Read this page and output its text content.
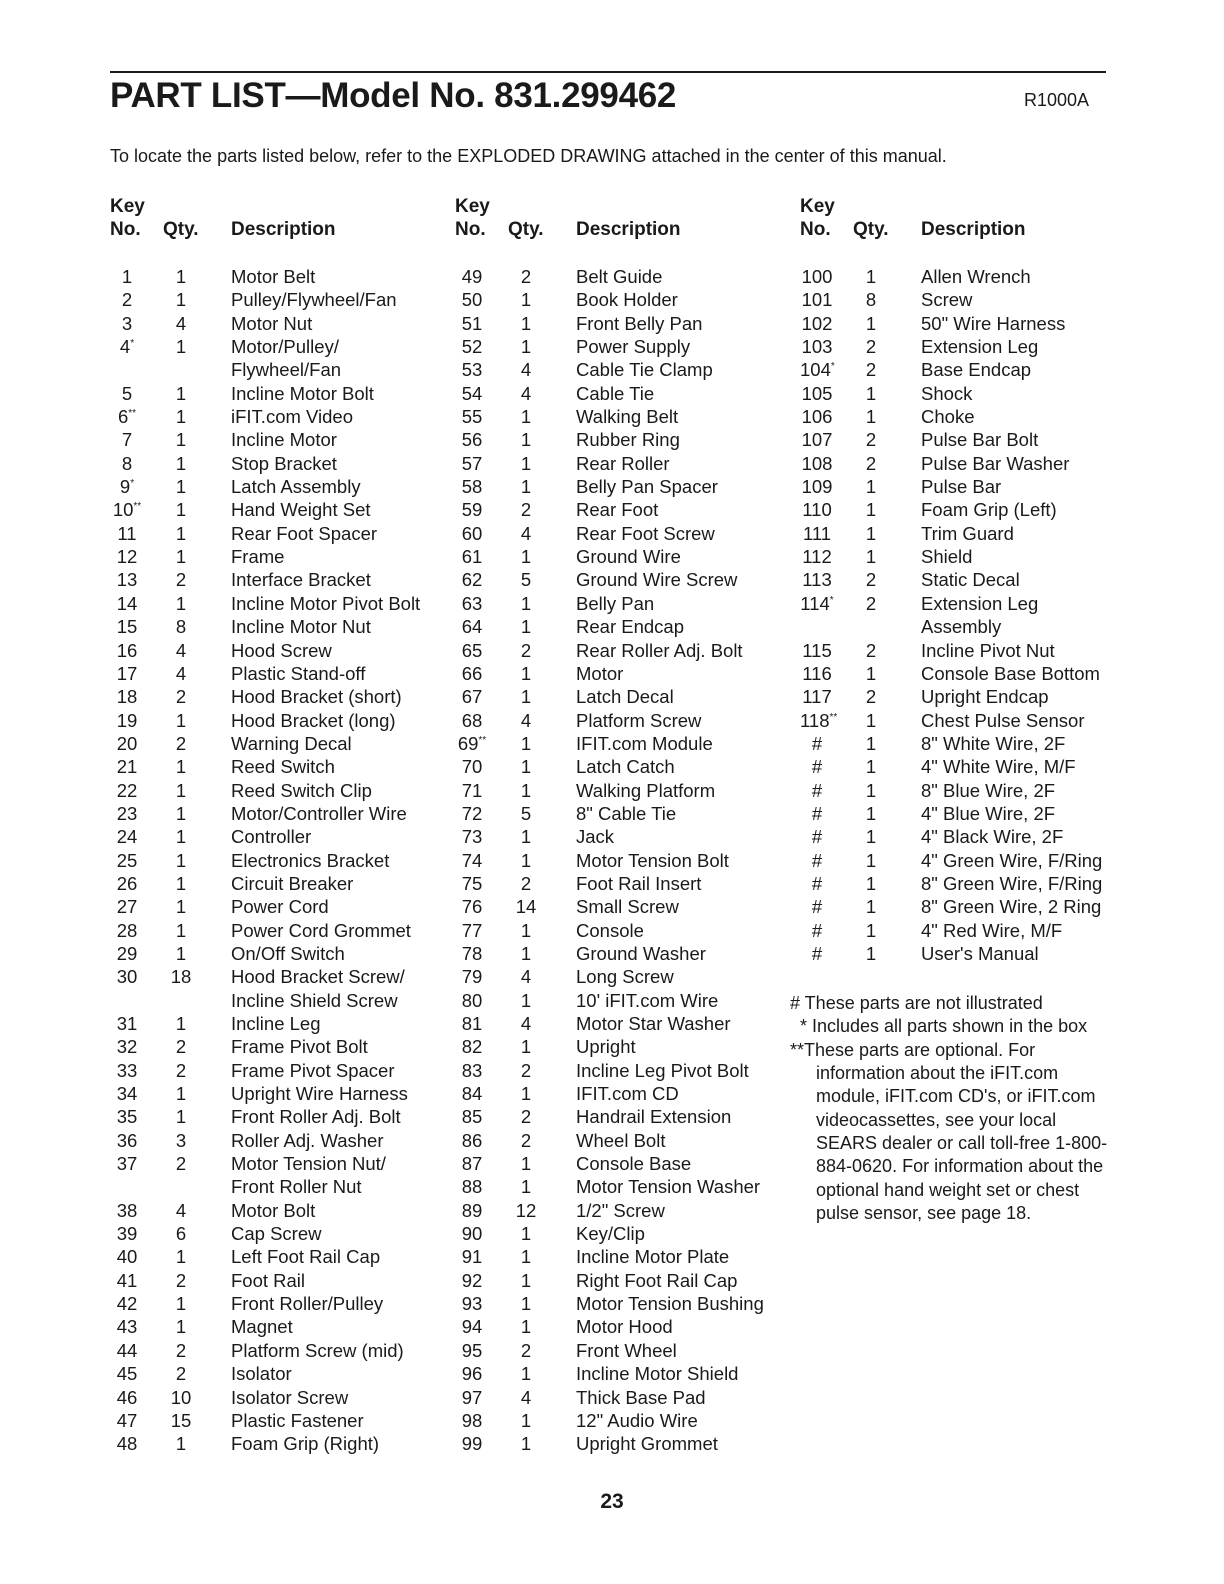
PART LIST—Model No. 831.299462	R1000A
To locate the parts listed below, refer to the EXPLODED DRAWING attached in the center of this manual.
Key
No. Qty. Description
1	1	Motor Belt
2	1	Pulley/Flywheel/Fan
3	4	Motor Nut
4*	1	Motor/Pulley/
Flywheel/Fan
5	1	Incline Motor Bolt
6**	1	iFIT.com Video
7	1	Incline Motor
8	1	Stop Bracket
9*	1	Latch Assembly
10**	1	Hand Weight Set
11	1	Rear Foot Spacer
12	1	Frame
13	2	Interface Bracket
14	1	Incline Motor Pivot Bolt
15	8	Incline Motor Nut
16	4	Hood Screw
17	4	Plastic Stand-off
18	2	Hood Bracket (short)
19	1	Hood Bracket (long)
20	2	Warning Decal
21	1	Reed Switch
22	1	Reed Switch Clip
23	1	Motor/Controller Wire
24	1	Controller
25	1	Electronics Bracket
26	1	Circuit Breaker
27	1	Power Cord
28	1	Power Cord Grommet
29	1	On/Off Switch
30	18	Hood Bracket Screw/
Incline Shield Screw
31	1	Incline Leg
32	2	Frame Pivot Bolt
33	2	Frame Pivot Spacer
34	1	Upright Wire Harness
35	1	Front Roller Adj. Bolt
36	3	Roller Adj. Washer
37	2	Motor Tension Nut/
Front Roller Nut
38	4	Motor Bolt
39	6	Cap Screw
40	1	Left Foot Rail Cap
41	2	Foot Rail
42	1	Front Roller/Pulley
43	1	Magnet
44	2	Platform Screw (mid)
45	2	Isolator
46	10	Isolator Screw
47	15	Plastic Fastener
48	1	Foam Grip (Right)
Key
No. Qty. Description
49	2	Belt Guide
50	1	Book Holder
51	1	Front Belly Pan
52	1	Power Supply
53	4	Cable Tie Clamp
54	4	Cable Tie
55	1	Walking Belt
56	1	Rubber Ring
57	1	Rear Roller
58	1	Belly Pan Spacer
59	2	Rear Foot
60	4	Rear Foot Screw
61	1	Ground Wire
62	5	Ground Wire Screw
63	1	Belly Pan
64	1	Rear Endcap
65	2	Rear Roller Adj. Bolt
66	1	Motor
67	1	Latch Decal
68	4	Platform Screw
69**	1	IFIT.com Module
70	1	Latch Catch
71	1	Walking Platform
72	5	8" Cable Tie
73	1	Jack
74	1	Motor Tension Bolt
75	2	Foot Rail Insert
76	14	Small Screw
77	1	Console
78	1	Ground Washer
79	4	Long Screw
80	1	10' iFIT.com Wire
81	4	Motor Star Washer
82	1	Upright
83	2	Incline Leg Pivot Bolt
84	1	IFIT.com CD
85	2	Handrail Extension
86	2	Wheel Bolt
87	1	Console Base
88	1	Motor Tension Washer
89	12	1/2" Screw
90	1	Key/Clip
91	1	Incline Motor Plate
92	1	Right Foot Rail Cap
93	1	Motor Tension Bushing
94	1	Motor Hood
95	2	Front Wheel
96	1	Incline Motor Shield
97	4	Thick Base Pad
98	1	12" Audio Wire
99	1	Upright Grommet
Key
No. Qty. Description
100	1	Allen Wrench
101	8	Screw
102	1	50" Wire Harness
103	2	Extension Leg
104*	2	Base Endcap
105	1	Shock
106	1	Choke
107	2	Pulse Bar Bolt
108	2	Pulse Bar Washer
109	1	Pulse Bar
110	1	Foam Grip (Left)
111	1	Trim Guard
112	1	Shield
113	2	Static Decal
114*	2	Extension Leg
Assembly
115	2	Incline Pivot Nut
116	1	Console Base Bottom
117	2	Upright Endcap
118**	1	Chest Pulse Sensor
#	1	8" White Wire, 2F
#	1	4" White Wire, M/F
#	1	8" Blue Wire, 2F
#	1	4" Blue Wire, 2F
#	1	4" Black Wire, 2F
#	1	4" Green Wire, F/Ring
#	1	8" Green Wire, F/Ring
#	1	8" Green Wire, 2 Ring
#	1	4" Red Wire, M/F
#	1	User's Manual
# These parts are not illustrated
* Includes all parts shown in the box
**These parts are optional. For information about the iFIT.com module, iFIT.com CD's, or iFIT.com videocassettes, see your local SEARS dealer or call toll-free 1-800-884-0620. For information about the optional hand weight set or chest pulse sensor, see page 18.
23
